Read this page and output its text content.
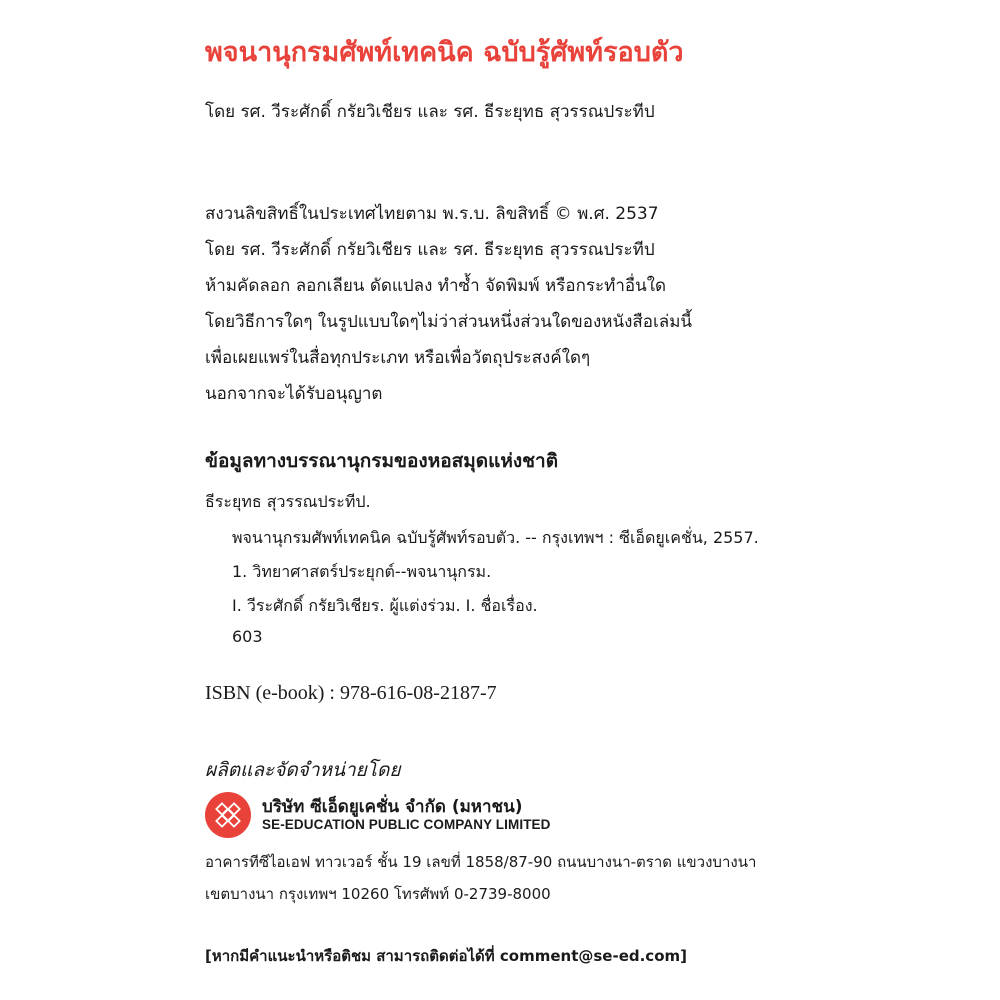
พจนานุกรมศัพท์เทคนิค ฉบับรู้ศัพท์รอบตัว
โดย รศ. วีระศักดิ์ กรัยวิเชียร และ รศ. ธีระยุทธ สุวรรณประทีป
สงวนลิขสิทธิ์ในประเทศไทยตาม พ.ร.บ. ลิขสิทธิ์ © พ.ศ. 2537
โดย รศ. วีระศักดิ์ กรัยวิเชียร และ รศ. ธีระยุทธ สุวรรณประทีป
ห้ามคัดลอก ลอกเลียน ดัดแปลง ทำซ้ำ จัดพิมพ์ หรือกระทำอื่นใด
โดยวิธีการใดๆ ในรูปแบบใดๆไม่ว่าส่วนหนึ่งส่วนใดของหนังสือเล่มนี้
เพื่อเผยแพร่ในสื่อทุกประเภท หรือเพื่อวัตถุประสงค์ใดๆ
นอกจากจะได้รับอนุญาต
ข้อมูลทางบรรณานุกรมของหอสมุดแห่งชาติ
ธีระยุทธ สุวรรณประทีป.
พจนานุกรมศัพท์เทคนิค ฉบับรู้ศัพท์รอบตัว. -- กรุงเทพฯ : ซีเอ็ดยูเคชั่น, 2557.
1. วิทยาศาสตร์ประยุกต์--พจนานุกรม.
I. วีระศักดิ์ กรัยวิเชียร. ผู้แต่งร่วม. I. ชื่อเรื่อง.
603
ISBN (e-book) : 978-616-08-2187-7
ผลิตและจัดจำหน่ายโดย
บริษัท ซีเอ็ดยูเคชั่น จำกัด (มหาชน)
SE-EDUCATION PUBLIC COMPANY LIMITED
อาคารทีซีไอเอฟ ทาวเวอร์ ชั้น 19 เลขที่ 1858/87-90 ถนนบางนา-ตราด แขวงบางนา
เขตบางนา กรุงเทพฯ 10260 โทรศัพท์ 0-2739-8000
[หากมีคำแนะนำหรือติชม สามารถติดต่อได้ที่ comment@se-ed.com]
